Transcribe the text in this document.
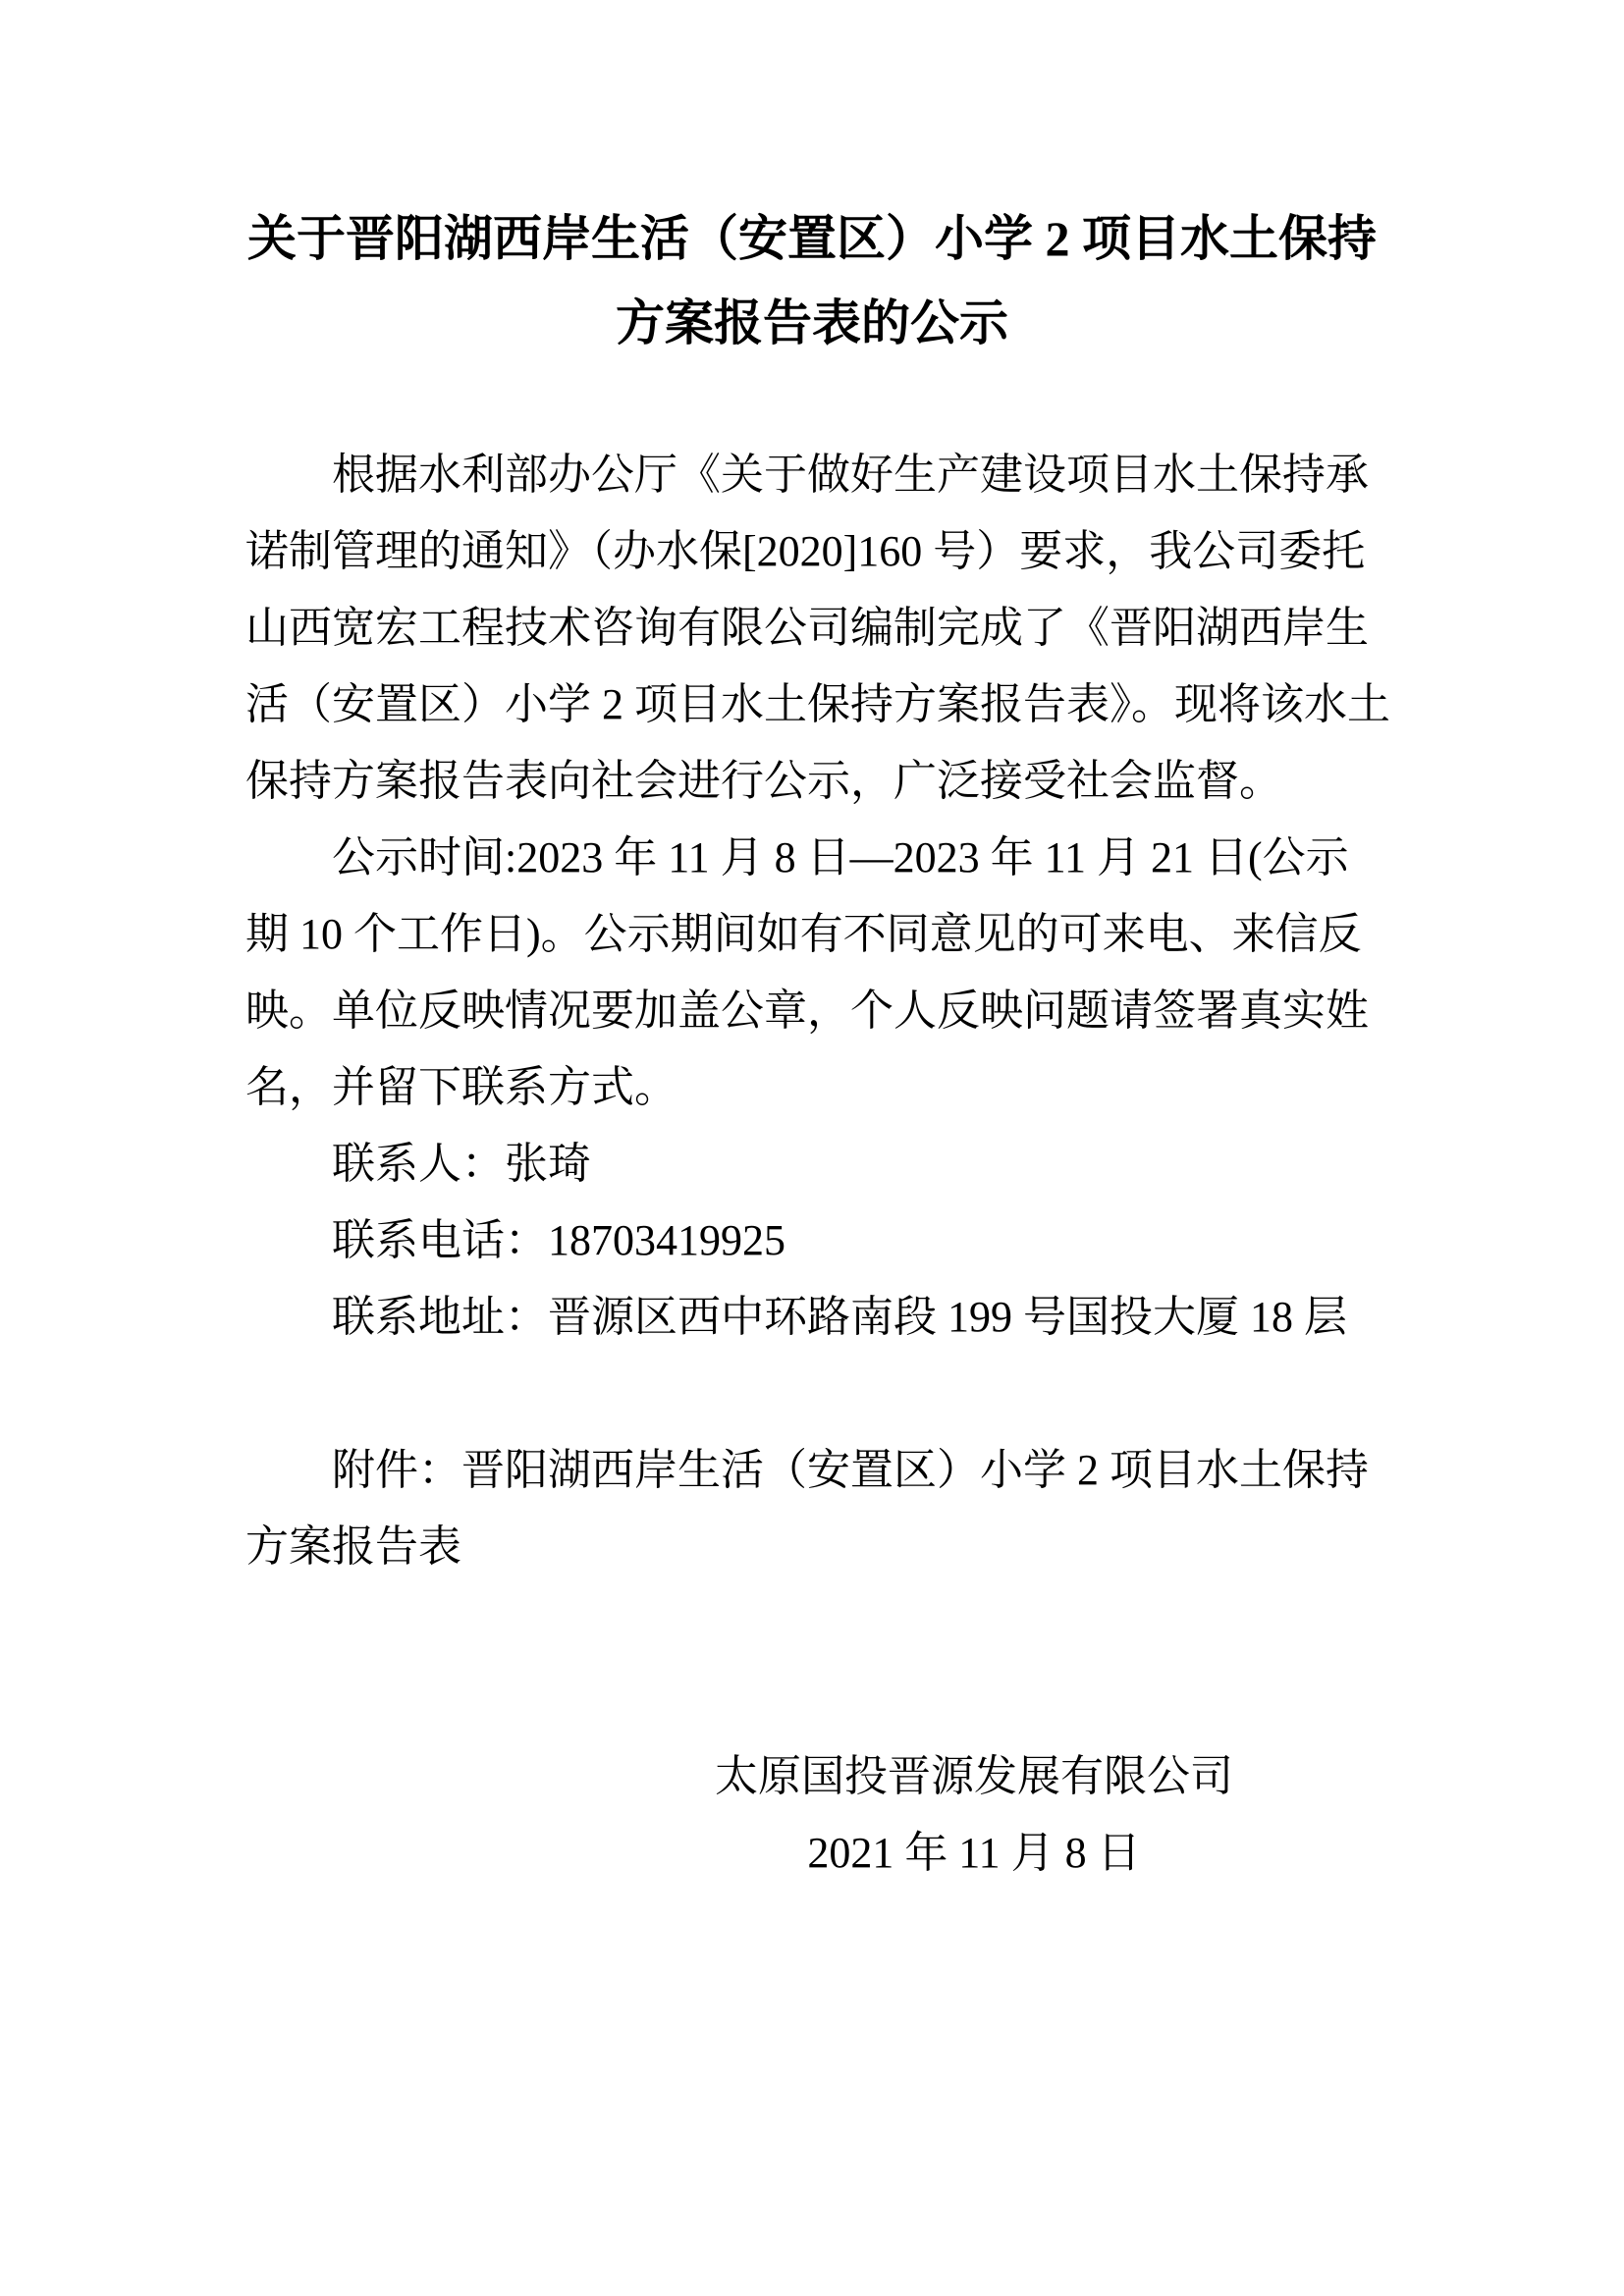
关于晋阳湖西岸生活（安置区）小学 2 项目水土保持
方案报告表的公示
根据水利部办公厅《关于做好生产建设项目水土保持承
诺制管理的通知》（办水保[2020]160 号）要求，我公司委托
山西宽宏工程技术咨询有限公司编制完成了《晋阳湖西岸生
活（安置区）小学 2 项目水土保持方案报告表》。现将该水土
保持方案报告表向社会进行公示，广泛接受社会监督。
公示时间:2023 年 11 月 8 日—2023 年 11 月 21 日(公示
期 10 个工作日)。公示期间如有不同意见的可来电、来信反
映。单位反映情况要加盖公章，个人反映问题请签署真实姓
名，并留下联系方式。
联系人：张琦
联系电话：18703419925
联系地址：晋源区西中环路南段 199 号国投大厦 18 层

附件：晋阳湖西岸生活（安置区）小学 2 项目水土保持
方案报告表
太原国投晋源发展有限公司
2021 年 11 月 8 日
